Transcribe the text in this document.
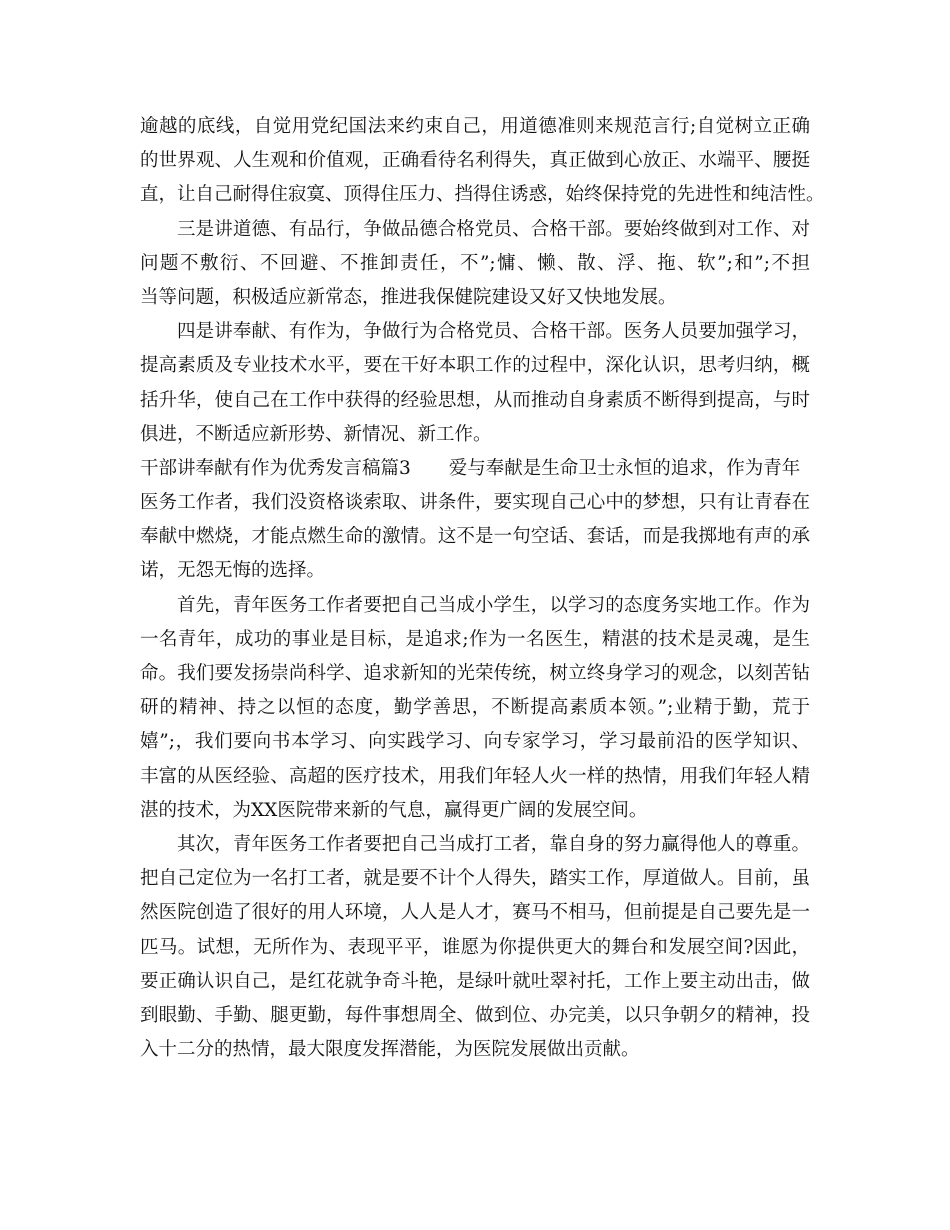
逾越的底线，自觉用党纪国法来约束自己，用道德准则来规范言行;自觉树立正确
的世界观、人生观和价值观，正确看待名利得失，真正做到心放正、水端平、腰挺
直，让自己耐得住寂寞、顶得住压力、挡得住诱惑，始终保持党的先进性和纯洁性。
三是讲道德、有品行，争做品德合格党员、合格干部。要始终做到对工作、对
问题不敷衍、不回避、不推卸责任，不”;慵、懒、散、浮、拖、软”;和”;不担
当等问题，积极适应新常态，推进我保健院建设又好又快地发展。
四是讲奉献、有作为，争做行为合格党员、合格干部。医务人员要加强学习，
提高素质及专业技术水平，要在干好本职工作的过程中，深化认识，思考归纳，概
括升华，使自己在工作中获得的经验思想，从而推动自身素质不断得到提高，与时
俱进，不断适应新形势、新情况、新工作。
干部讲奉献有作为优秀发言稿篇3 爱与奉献是生命卫士永恒的追求，作为青年
医务工作者，我们没资格谈索取、讲条件，要实现自己心中的梦想，只有让青春在
奉献中燃烧，才能点燃生命的激情。这不是一句空话、套话，而是我掷地有声的承
诺，无怨无悔的选择。
首先，青年医务工作者要把自己当成小学生，以学习的态度务实地工作。作为
一名青年，成功的事业是目标，是追求;作为一名医生，精湛的技术是灵魂，是生
命。我们要发扬崇尚科学、追求新知的光荣传统，树立终身学习的观念，以刻苦钻
研的精神、持之以恒的态度，勤学善思，不断提高素质本领。”;业精于勤，荒于
嬉”;，我们要向书本学习、向实践学习、向专家学习，学习最前沿的医学知识、
丰富的从医经验、高超的医疗技术，用我们年轻人火一样的热情，用我们年轻人精
湛的技术，为XX医院带来新的气息，赢得更广阔的发展空间。
其次，青年医务工作者要把自己当成打工者，靠自身的努力赢得他人的尊重。
把自己定位为一名打工者，就是要不计个人得失，踏实工作，厚道做人。目前，虽
然医院创造了很好的用人环境，人人是人才，赛马不相马，但前提是自己要先是一
匹马。试想，无所作为、表现平平，谁愿为你提供更大的舞台和发展空间?因此，
要正确认识自己，是红花就争奇斗艳，是绿叶就吐翠衬托，工作上要主动出击，做
到眼勤、手勤、腿更勤，每件事想周全、做到位、办完美，以只争朝夕的精神，投
入十二分的热情，最大限度发挥潜能，为医院发展做出贡献。
